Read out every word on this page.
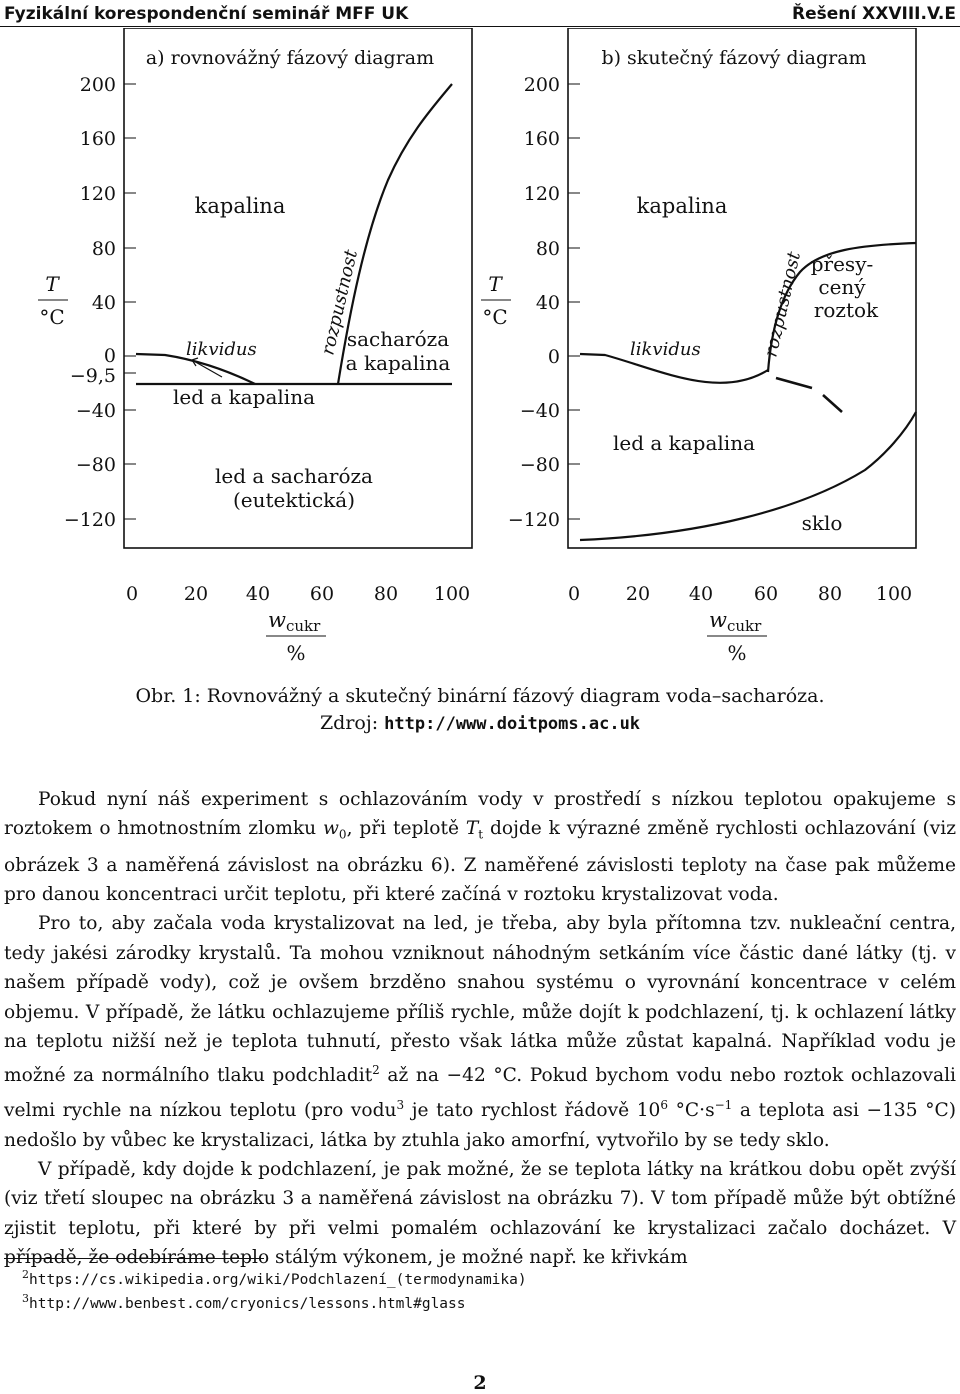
Fyzikální korespondenční seminář MFF UK	Řešení XXVIII.V.E
a) rovnovážný fázový diagram
200
160
120
80
40
0
−9,5
−40
−80
−120
T
°C
0 20 40 60 80 100
w cukr
%
kapalina
rozpustnost
sacharóza
a kapalina
likvidus
led a kapalina
led a sacharóza
(eutektická)
b) skutečný fázový diagram
200
160
120
80
40
0
−40
−80
−120
T
°C
0 20 40 60 80 100
w cukr
%
kapalina
rozpustnost přesy-
cený
roztok
likvidus
led a kapalina
sklo
Obr. 1: Rovnovážný a skutečný binární fázový diagram voda–sacharóza.
Zdroj: http://www.doitpoms.ac.uk

Pokud nyní náš experiment s ochlazováním vody v prostředí s nízkou teplotou opakujeme s roztokem o hmotnostním zlomku $w_0$, při teplotě $T_t$ dojde k výrazné změně rychlosti ochlazování (viz obrázek 3 a naměřená závislost na obrázku 6). Z naměřené závislosti teploty na čase pak můžeme pro danou koncentraci určit teplotu, při které začíná v roztoku krystalizovat voda.

Pro to, aby začala voda krystalizovat na led, je třeba, aby byla přítomna tzv. nukleační centra, tedy jakési zárodky krystalů. Ta mohou vzniknout náhodným setkáním více částic dané látky (tj. v našem případě vody), což je ovšem brzděno snahou systému o vyrovnání koncentrace v celém objemu. V případě, že látku ochlazujeme příliš rychle, může dojít k podchlazení, tj. k ochlazení látky na teplotu nižší než je teplota tuhnutí, přesto však látka může zůstat kapalná. Například vodu je možné za normálního tlaku podchladit$^2$ až na −42 °C. Pokud bychom vodu nebo roztok ochlazovali velmi rychle na nízkou teplotu (pro vodu$^3$ je tato rychlost řádově $10^6$ $^\circ C\cdot s^{-1}$ a teplota asi −135 °C) nedošlo by vůbec ke krystalizaci, látka by ztuhla jako amorfní, vytvořilo by se tedy sklo.

V případě, kdy dojde k podchlazení, je pak možné, že se teplota látky na krátkou dobu opět zvýší (viz třetí sloupec na obrázku 3 a naměřená závislost na obrázku 7). V tom případě může být obtížné zjistit teplotu, při které by při velmi pomalém ochlazování ke krystalizaci začalo docházet. V případě, že odebíráme teplo stálým výkonem, je možné např. ke křivkám

$^2$https://cs.wikipedia.org/wiki/Podchlazení_(termodynamika)
$^3$http://www.benbest.com/cryonics/lessons.html#glass
2
